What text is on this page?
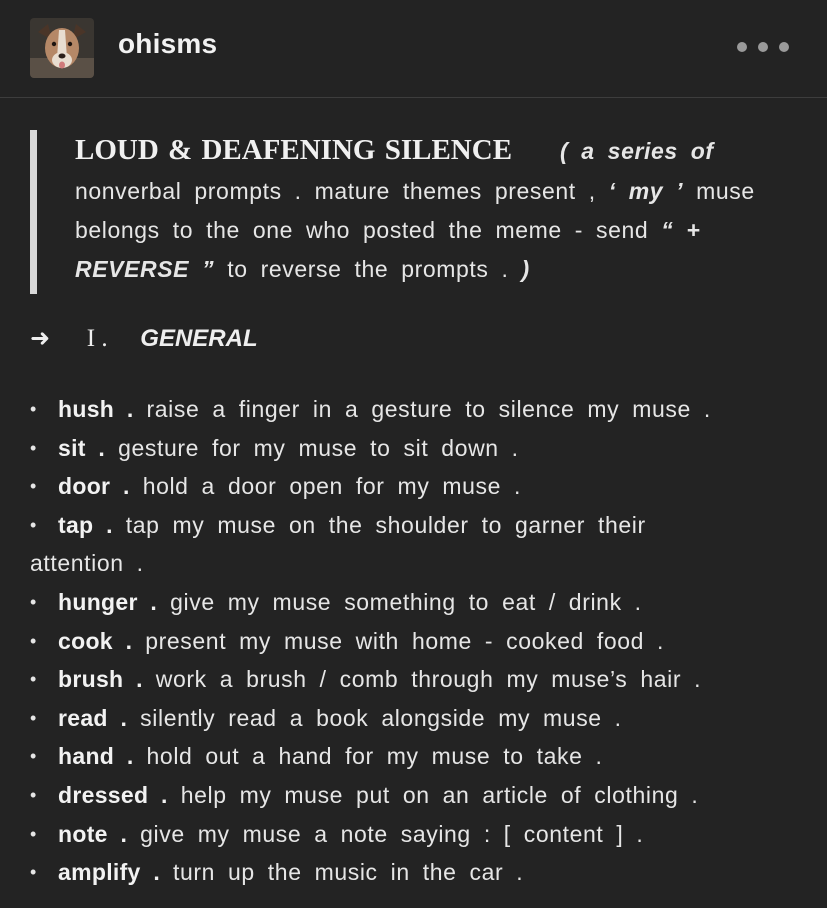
ohisms
LOUD & DEAFENING SILENCE ( a series of
nonverbal prompts . mature themes present , ‘ my ’ muse
belongs to the one who posted the meme - send “ +
REVERSE ” to reverse the prompts . )
➜ I . GENERAL
• hush . raise a finger in a gesture to silence my muse .
• sit . gesture for my muse to sit down .
• door . hold a door open for my muse .
• tap . tap my muse on the shoulder to garner their
attention .
• hunger . give my muse something to eat / drink .
• cook . present my muse with home - cooked food .
• brush . work a brush / comb through my muse’s hair .
• read . silently read a book alongside my muse .
• hand . hold out a hand for my muse to take .
• dressed . help my muse put on an article of clothing .
• note . give my muse a note saying : [ content ] .
• amplify . turn up the music in the car .
